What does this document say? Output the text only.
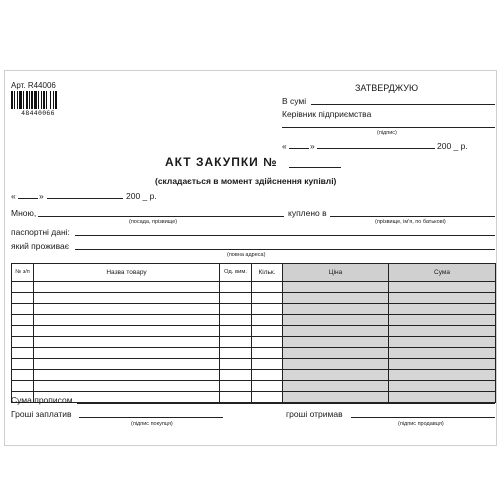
Арт. R44006
48440066
ЗАТВЕРДЖУЮ
В сумі
Керівник підприємства
(підпис)
«	»	200 _ р.
АКТ ЗАКУПКИ №
(складається в момент здійснення купівлі)
«	»	200 _ р.
Мною,
(посада, прізвище)
куплено в
(прізвище, ім'я, по батькові)
паспортні дані:
який проживає
(повна адреса)
№ з/п	Назва товару	Од. вим.	Кільк.	Ціна	Сума

Сума прописом
Гроші заплатив
(підпис покупця)
гроші отримав
(підпис продавця)
